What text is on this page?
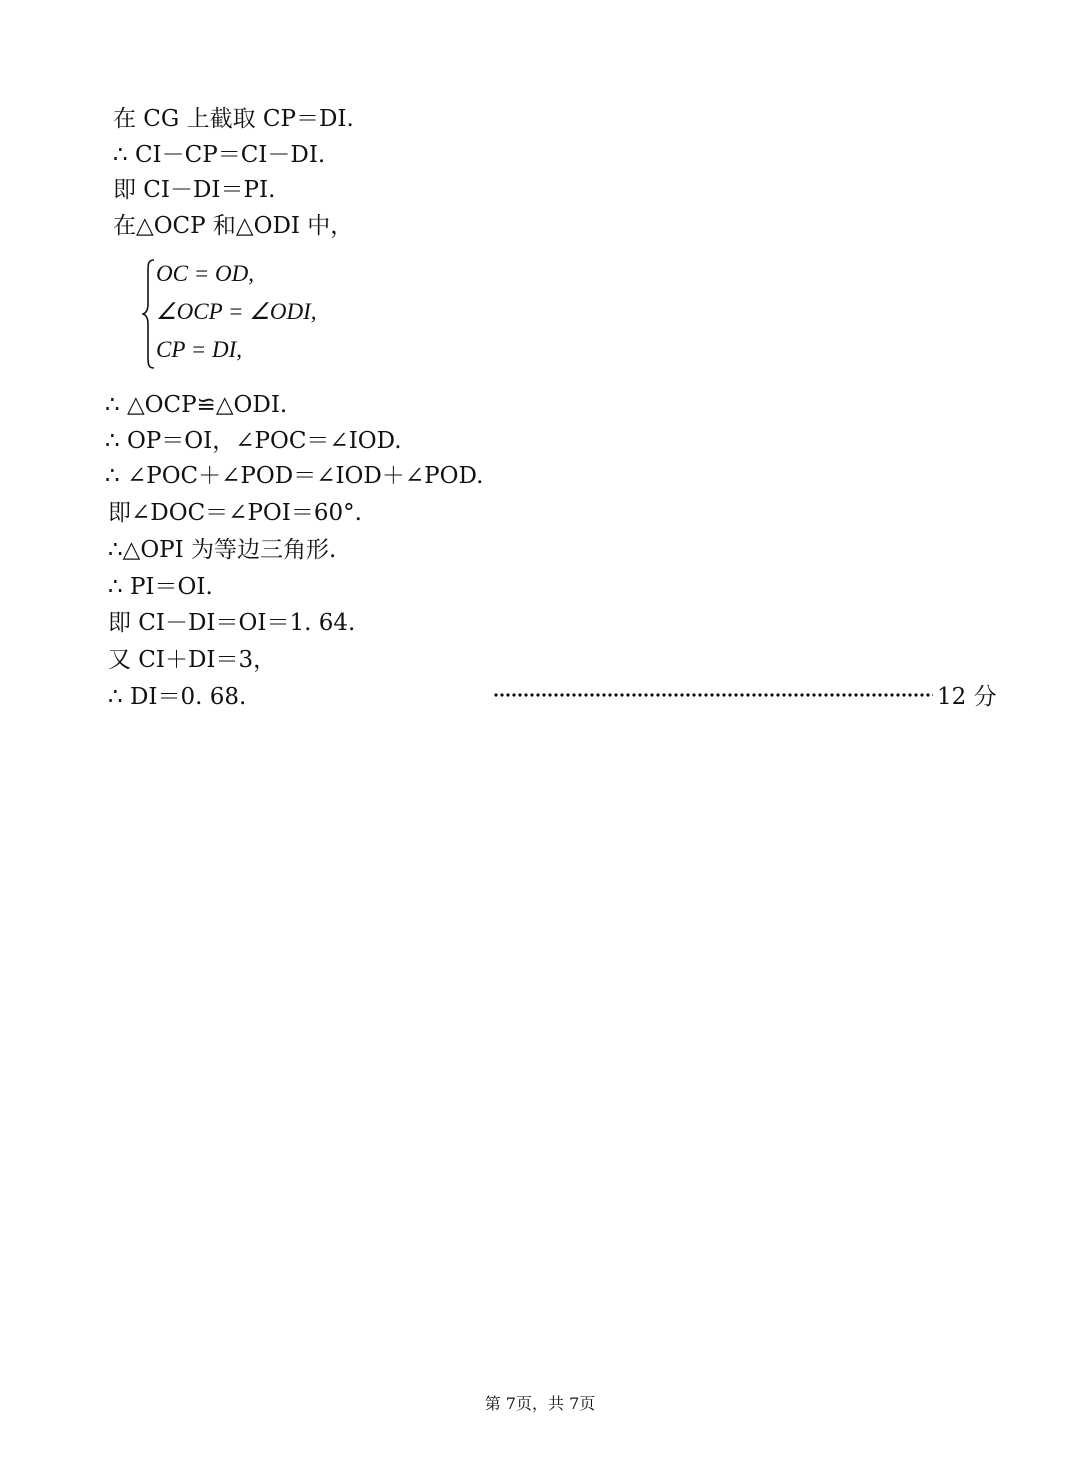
在 CG 上截取 CP＝DI.
∴ CI－CP＝CI－DI.
即 CI－DI＝PI.
在△OCP 和△ODI 中，
OC = OD,
∠OCP = ∠ODI,
CP = DI,
∴ △OCP≌△ODI.
∴ OP＝OI，∠POC＝∠IOD.
∴ ∠POC＋∠POD＝∠IOD＋∠POD.
即∠DOC＝∠POI＝60°.
∴△OPI 为等边三角形.
∴ PI＝OI.
即 CI－DI＝OI＝1. 64.
又 CI＋DI＝3，
∴ DI＝0. 68.	12 分
第 7页，共 7页
